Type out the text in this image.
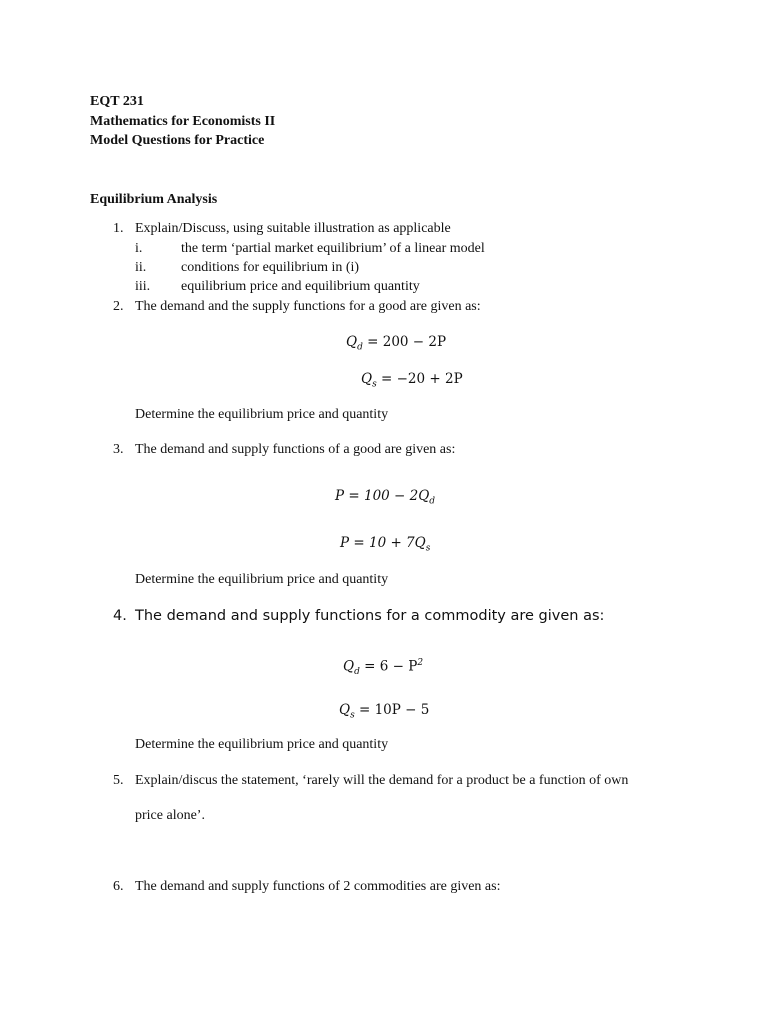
EQT 231
Mathematics for Economists II
Model Questions for Practice
Equilibrium Analysis
1. Explain/Discuss, using suitable illustration as applicable
i.	the term ‘partial market equilibrium’ of a linear model
ii. conditions for equilibrium in (i)
iii. equilibrium price and equilibrium quantity
2. The demand and the supply functions for a good are given as:
$Q_d = 200 - 2P$
$Q_s = -20 + 2P$
Determine the equilibrium price and quantity
3. The demand and supply functions of a good are given as:
$P = 100 - 2Q_d$
$P = 10 + 7Q_s$
Determine the equilibrium price and quantity
4. The demand and supply functions for a commodity are given as:
$Q_d = 6 - P^2$
$Q_s = 10P - 5$
Determine the equilibrium price and quantity
5. Explain/discus the statement, ‘rarely will the demand for a product be a function of own
price alone’.
6. The demand and supply functions of 2 commodities are given as:
